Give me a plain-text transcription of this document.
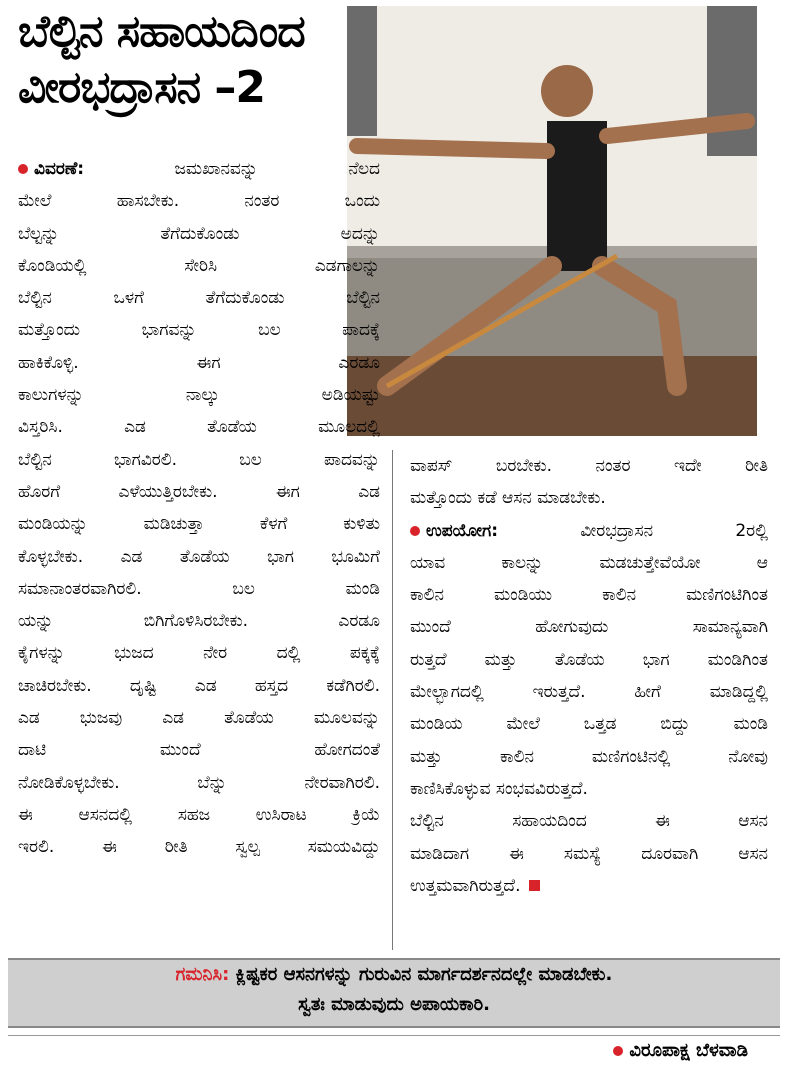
ಬೆಲ್ಟಿನ ಸಹಾಯದಿಂದ
ವೀರಭದ್ರಾಸನ –2
ವಿವರಣೆ:	ಜಮಖಾನವನ್ನು ನೆಲದ
ಮೇಲೆ ಹಾಸಬೇಕು. ನಂತರ ಒಂದು
ಬೆಲ್ಟನ್ನು ತೆಗೆದುಕೊಂಡು ಅದನ್ನು
ಕೊಂಡಿಯಲ್ಲಿ ಸೇರಿಸಿ ಎಡಗಾಲನ್ನು
ಬೆಲ್ಟಿನ ಒಳಗೆ ತೆಗೆದುಕೊಂಡು ಬೆಲ್ಟಿನ
ಮತ್ತೊಂದು ಭಾಗವನ್ನು ಬಲ ಪಾದಕ್ಕೆ
ಹಾಕಿಕೊಳ್ಳಿ. ಈಗ ಎರಡೂ
ಕಾಲುಗಳನ್ನು ನಾಲ್ಕು ಅಡಿಯಷ್ಟು
ವಿಸ್ತರಿಸಿ. ಎಡ ತೊಡೆಯ ಮೂಲದಲ್ಲಿ
ಬೆಲ್ಟಿನ ಭಾಗವಿರಲಿ. ಬಲ ಪಾದವನ್ನು
ಹೊರಗೆ ಎಳೆಯುತ್ತಿರಬೇಕು. ಈಗ ಎಡ
ಮಂಡಿಯನ್ನು ಮಡಿಚುತ್ತಾ ಕೆಳಗೆ ಕುಳಿತು
ಕೊಳ್ಳಬೇಕು. ಎಡ ತೊಡೆಯ ಭಾಗ ಭೂಮಿಗೆ
ಸಮಾನಾಂತರವಾಗಿರಲಿ. ಬಲ ಮಂಡಿ
ಯನ್ನು ಬಿಗಿಗೊಳಿಸಿರಬೇಕು. ಎರಡೂ
ಕೈಗಳನ್ನು ಭುಜದ ನೇರ ದಲ್ಲಿ ಪಕ್ಕಕ್ಕೆ
ಚಾಚಿರಬೇಕು. ದೃಷ್ಟಿ ಎಡ ಹಸ್ತದ ಕಡೆಗಿರಲಿ.
ಎಡ ಭುಜವು ಎಡ ತೊಡೆಯ ಮೂಲವನ್ನು
ದಾಟಿ ಮುಂದೆ ಹೋಗದಂತೆ
ನೋಡಿಕೊಳ್ಳಬೇಕು. ಬೆನ್ನು ನೇರವಾಗಿರಲಿ.
ಈ ಆಸನದಲ್ಲಿ ಸಹಜ ಉಸಿರಾಟ ಕ್ರಿಯೆ
ಇರಲಿ. ಈ ರೀತಿ ಸ್ವಲ್ಪ ಸಮಯವಿದ್ದು
ವಾಪಸ್ ಬರಬೇಕು. ನಂತರ ಇದೇ ರೀತಿ
ಮತ್ತೊಂದು ಕಡೆ ಆಸನ ಮಾಡಬೇಕು.
ಉಪಯೋಗ:	ವೀರಭದ್ರಾಸನ 2ರಲ್ಲಿ
ಯಾವ ಕಾಲನ್ನು ಮಡಚುತ್ತೇವೆಯೋ ಆ
ಕಾಲಿನ ಮಂಡಿಯು ಕಾಲಿನ ಮಣಿಗಂಟಿಗಿಂತ
ಮುಂದೆ ಹೋಗುವುದು ಸಾಮಾನ್ಯವಾಗಿ
ರುತ್ತದೆ ಮತ್ತು ತೊಡೆಯ ಭಾಗ ಮಂಡಿಗಿಂತ
ಮೇಲ್ಭಾಗದಲ್ಲಿ ಇರುತ್ತದೆ. ಹೀಗೆ ಮಾಡಿದ್ದಲ್ಲಿ
ಮಂಡಿಯ ಮೇಲೆ ಒತ್ತಡ ಬಿದ್ದು ಮಂಡಿ
ಮತ್ತು ಕಾಲಿನ ಮಣಿಗಂಟಿನಲ್ಲಿ ನೋವು
ಕಾಣಿಸಿಕೊಳ್ಳುವ ಸಂಭವವಿರುತ್ತದೆ.
ಬೆಲ್ಟಿನ ಸಹಾಯದಿಂದ ಈ ಆಸನ
ಮಾಡಿದಾಗ ಈ ಸಮಸ್ಯೆ ದೂರವಾಗಿ ಆಸನ
ಉತ್ತಮವಾಗಿರುತ್ತದೆ.
ಗಮನಿಸಿ: ಕ್ಲಿಷ್ಟಕರ ಆಸನಗಳನ್ನು ಗುರುವಿನ ಮಾರ್ಗದರ್ಶನದಲ್ಲೇ ಮಾಡಬೇಕು.
ಸ್ವತಃ ಮಾಡುವುದು ಅಪಾಯಕಾರಿ.
ವಿರೂಪಾಕ್ಷ ಬೆಳವಾಡಿ
